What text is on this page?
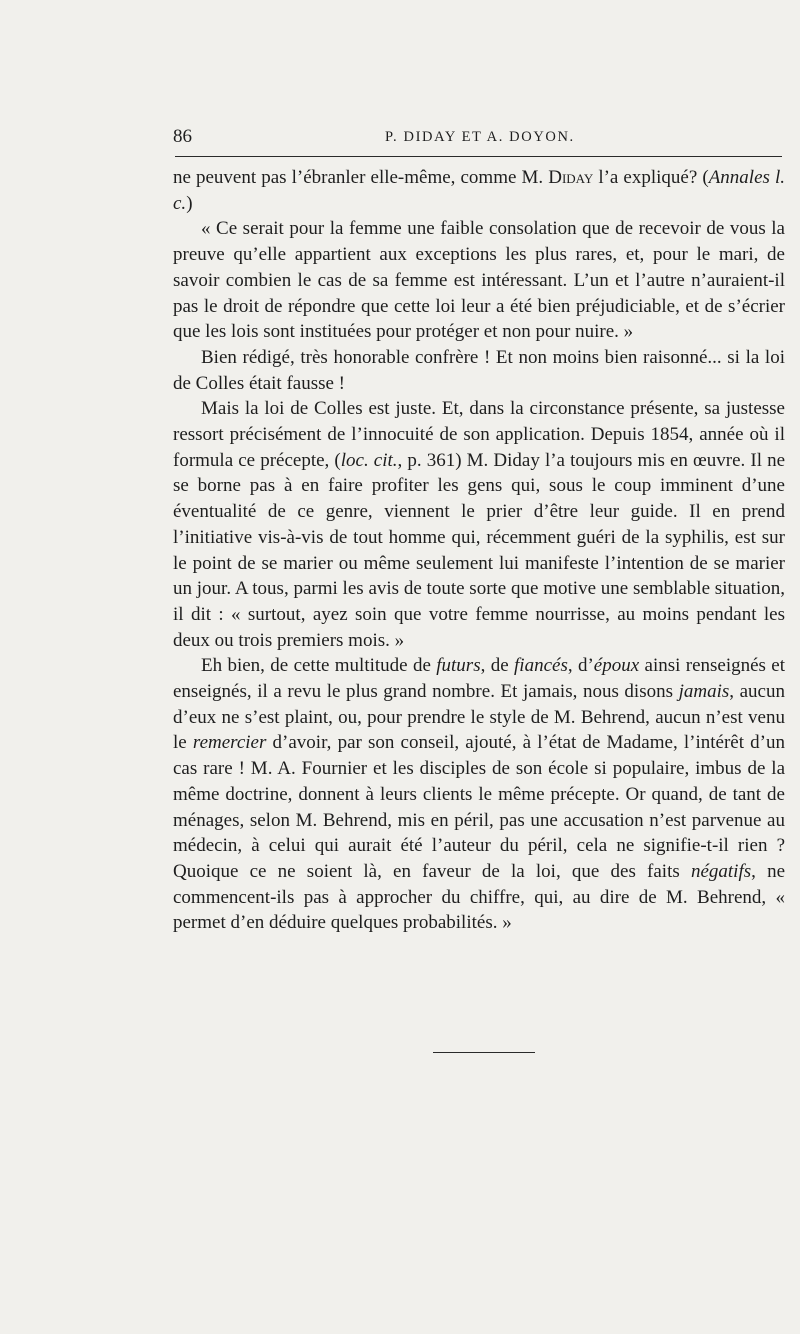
86	P. DIDAY ET A. DOYON.

ne peuvent pas l’ébranler elle-même, comme M. Diday l’a expliqué? (Annales l. c.)

« Ce serait pour la femme une faible consolation que de recevoir de vous la preuve qu’elle appartient aux exceptions les plus rares, et, pour le mari, de savoir combien le cas de sa femme est intéressant. L’un et l’autre n’auraient-il pas le droit de répondre que cette loi leur a été bien préjudiciable, et de s’écrier que les lois sont instituées pour protéger et non pour nuire. »

Bien rédigé, très honorable confrère ! Et non moins bien raisonné... si la loi de Colles était fausse !

Mais la loi de Colles est juste. Et, dans la circonstance présente, sa justesse ressort précisément de l’innocuité de son application. Depuis 1854, année où il formula ce précepte, (loc. cit., p. 361) M. Diday l’a toujours mis en œuvre. Il ne se borne pas à en faire profiter les gens qui, sous le coup imminent d’une éventualité de ce genre, viennent le prier d’être leur guide. Il en prend l’initiative vis-à-vis de tout homme qui, récemment guéri de la syphilis, est sur le point de se marier ou même seulement lui manifeste l’intention de se marier un jour. A tous, parmi les avis de toute sorte que motive une semblable situation, il dit : « surtout, ayez soin que votre femme nourrisse, au moins pendant les deux ou trois premiers mois. »

Eh bien, de cette multitude de futurs, de fiancés, d’époux ainsi renseignés et enseignés, il a revu le plus grand nombre. Et jamais, nous disons jamais, aucun d’eux ne s’est plaint, ou, pour prendre le style de M. Behrend, aucun n’est venu le remercier d’avoir, par son conseil, ajouté, à l’état de Madame, l’intérêt d’un cas rare ! M. A. Fournier et les disciples de son école si populaire, imbus de la même doctrine, donnent à leurs clients le même précepte. Or quand, de tant de ménages, selon M. Behrend, mis en péril, pas une accusation n’est parvenue au médecin, à celui qui aurait été l’auteur du péril, cela ne signifie-t-il rien ? Quoique ce ne soient là, en faveur de la loi, que des faits négatifs, ne commencent-ils pas à approcher du chiffre, qui, au dire de M. Behrend, « permet d’en déduire quelques probabilités. »
